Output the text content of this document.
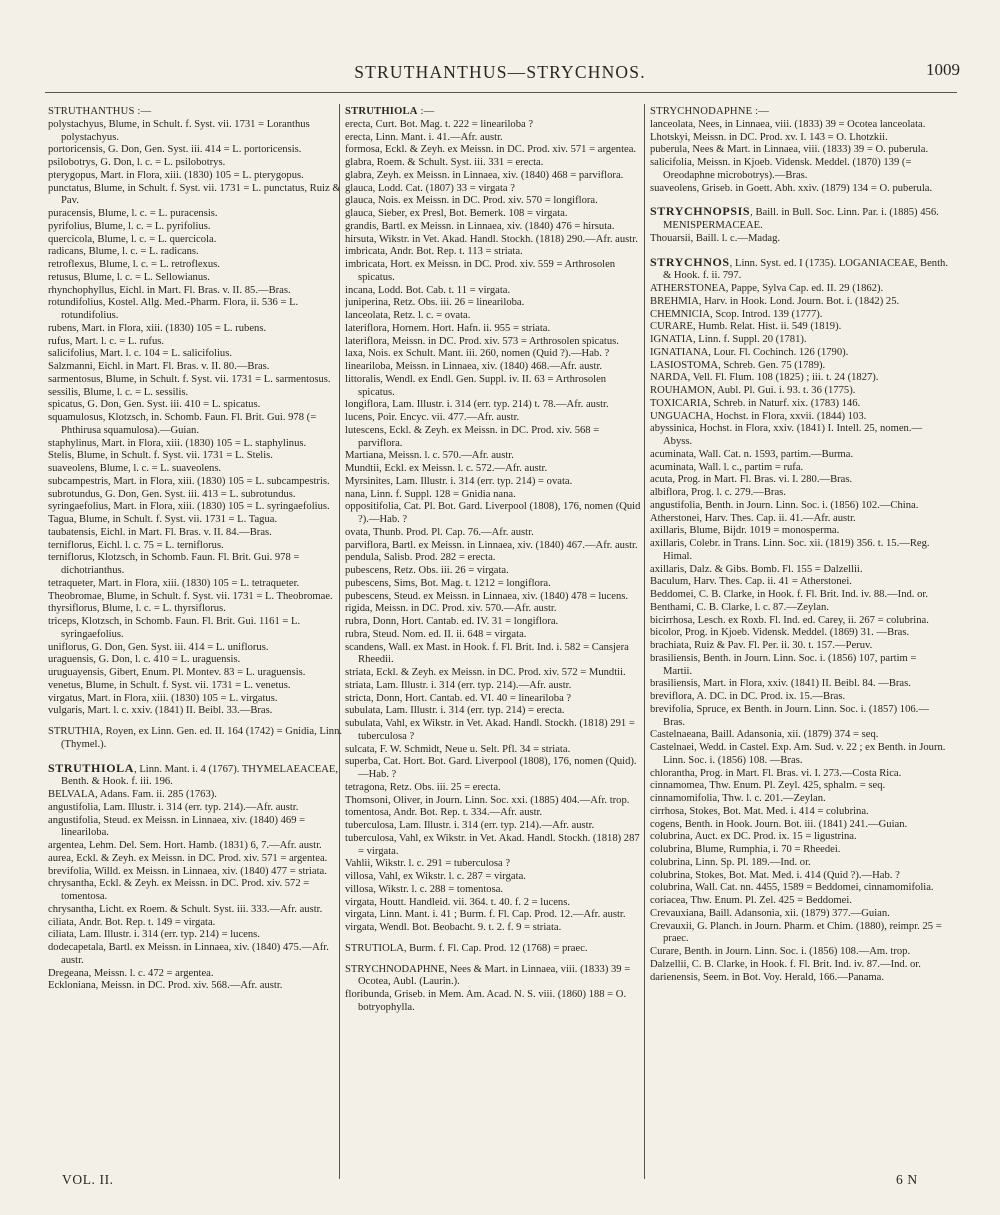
STRUTHANTHUS—STRYCHNOS.	1009

STRUTHANTHUS :—

polystachyus, Blume, in Schult. f. Syst. vii. 1731 = Loranthus polystachyus.

portoricensis, G. Don, Gen. Syst. iii. 414 = L. portoricensis.

psilobotrys, G. Don, l. c. = L. psilobotrys.

pterygopus, Mart. in Flora, xiii. (1830) 105 = L. pterygopus.

punctatus, Blume, in Schult. f. Syst. vii. 1731 = L. punctatus, Ruiz & Pav.

puracensis, Blume, l. c. = L. puracensis.

pyrifolius, Blume, l. c. = L. pyrifolius.

quercicola, Blume, l. c. = L. quercicola.

radicans, Blume, l. c. = L. radicans.

retroflexus, Blume, l. c. = L. retroflexus.

retusus, Blume, l. c. = L. Sellowianus.

rhynchophyllus, Eichl. in Mart. Fl. Bras. v. II. 85.—Bras.

rotundifolius, Kostel. Allg. Med.-Pharm. Flora, ii. 536 = L. rotundifolius.

rubens, Mart. in Flora, xiii. (1830) 105 = L. rubens.

rufus, Mart. l. c. = L. rufus.

salicifolius, Mart. l. c. 104 = L. salicifolius.

Salzmanni, Eichl. in Mart. Fl. Bras. v. II. 80.—Bras.

sarmentosus, Blume, in Schult. f. Syst. vii. 1731 = L. sarmentosus.

sessilis, Blume, l. c. = L. sessilis.

spicatus, G. Don, Gen. Syst. iii. 410 = L. spicatus.

squamulosus, Klotzsch, in. Schomb. Faun. Fl. Brit. Gui. 978 (= Phthirusa squamulosa).—Guian.

staphylinus, Mart. in Flora, xiii. (1830) 105 = L. staphylinus.

Stelis, Blume, in Schult. f. Syst. vii. 1731 = L. Stelis.

suaveolens, Blume, l. c. = L. suaveolens.

subcampestris, Mart. in Flora, xiii. (1830) 105 = L. subcampestris.

subrotundus, G. Don, Gen. Syst. iii. 413 = L. subrotundus.

syringaefolius, Mart. in Flora, xiii. (1830) 105 = L. syringaefolius.

Tagua, Blume, in Schult. f. Syst. vii. 1731 = L. Tagua.

taubatensis, Eichl. in Mart. Fl. Bras. v. II. 84.—Bras.

terniflorus, Eichl. l. c. 75 = L. terniflorus.

terniflorus, Klotzsch, in Schomb. Faun. Fl. Brit. Gui. 978 = dichotrianthus.

tetraqueter, Mart. in Flora, xiii. (1830) 105 = L. tetraqueter.

Theobromae, Blume, in Schult. f. Syst. vii. 1731 = L. Theobromae.

thyrsiflorus, Blume, l. c. = L. thyrsiflorus.

triceps, Klotzsch, in Schomb. Faun. Fl. Brit. Gui. 1161 = L. syringaefolius.

uniflorus, G. Don, Gen. Syst. iii. 414 = L. uniflorus.

uraguensis, G. Don, l. c. 410 = L. uraguensis.

uruguayensis, Gibert, Enum. Pl. Montev. 83 = L. uraguensis.

venetus, Blume, in Schult. f. Syst. vii. 1731 = L. venetus.

virgatus, Mart. in Flora, xiii. (1830) 105 = L. virgatus.

vulgaris, Mart. l. c. xxiv. (1841) II. Beibl. 33.—Bras.

STRUTHIA, Royen, ex Linn. Gen. ed. II. 164 (1742) = Gnidia, Linn. (Thymel.).

STRUTHIOLA, Linn. Mant. i. 4 (1767). THYMELAEACEAE, Benth. & Hook. f. iii. 196.

BELVALA, Adans. Fam. ii. 285 (1763).

angustifolia, Lam. Illustr. i. 314 (err. typ. 214).—Afr. austr.

angustifolia, Steud. ex Meissn. in Linnaea, xiv. (1840) 469 = lineariloba.

argentea, Lehm. Del. Sem. Hort. Hamb. (1831) 6, 7.—Afr. austr.

aurea, Eckl. & Zeyh. ex Meissn. in DC. Prod. xiv. 571 = argentea.

brevifolia, Willd. ex Meissn. in Linnaea, xiv. (1840) 477 = striata.

chrysantha, Eckl. & Zeyh. ex Meissn. in DC. Prod. xiv. 572 = tomentosa.

chrysantha, Licht. ex Roem. & Schult. Syst. iii. 333.—Afr. austr.

ciliata, Andr. Bot. Rep. t. 149 = virgata.

ciliata, Lam. Illustr. i. 314 (err. typ. 214) = lucens.

dodecapetala, Bartl. ex Meissn. in Linnaea, xiv. (1840) 475.—Afr. austr.

Dregeana, Meissn. l. c. 472 = argentea.

Ecklonianа, Meissn. in DC. Prod. xiv. 568.—Afr. austr.

STRUTHIOLA :—

erecta, Curt. Bot. Mag. t. 222 = lineariloba ?

erecta, Linn. Mant. i. 41.—Afr. austr.

formosa, Eckl. & Zeyh. ex Meissn. in DC. Prod. xiv. 571 = argentea.

glabra, Roem. & Schult. Syst. iii. 331 = erecta.

glabra, Zeyh. ex Meissn. in Linnaea, xiv. (1840) 468 = parviflora.

glauca, Lodd. Cat. (1807) 33 = virgata ?

glauca, Nois. ex Meissn. in DC. Prod. xiv. 570 = longiflora.

glauca, Sieber, ex Presl, Bot. Bemerk. 108 = virgata.

grandis, Bartl. ex Meissn. in Linnaea, xiv. (1840) 476 = hirsuta.

hirsuta, Wikstr. in Vet. Akad. Handl. Stockh. (1818) 290.—Afr. austr.

imbricata, Andr. Bot. Rep. t. 113 = striata.

imbricata, Hort. ex Meissn. in DC. Prod. xiv. 559 = Arthrosolen spicatus.

incana, Lodd. Bot. Cab. t. 11 = virgata.

juniperina, Retz. Obs. iii. 26 = lineariloba.

lanceolata, Retz. l. c. = ovata.

lateriflora, Hornem. Hort. Hafn. ii. 955 = striata.

lateriflora, Meissn. in DC. Prod. xiv. 573 = Arthrosolen spicatus.

laxa, Nois. ex Schult. Mant. iii. 260, nomen (Quid ?).—Hab. ?

lineariloba, Meissn. in Linnaea, xiv. (1840) 468.—Afr. austr.

littoralis, Wendl. ex Endl. Gen. Suppl. iv. II. 63 = Arthrosolen spicatus.

longiflora, Lam. Illustr. i. 314 (err. typ. 214) t. 78.—Afr. austr.

lucens, Poir. Encyc. vii. 477.—Afr. austr.

lutescens, Eckl. & Zeyh. ex Meissn. in DC. Prod. xiv. 568 = parviflora.

Martiana, Meissn. l. c. 570.—Afr. austr.

Mundtii, Eckl. ex Meissn. l. c. 572.—Afr. austr.

Myrsinites, Lam. Illustr. i. 314 (err. typ. 214) = ovata.

nana, Linn. f. Suppl. 128 = Gnidia nana.

oppositifolia, Cat. Pl. Bot. Gard. Liverpool (1808), 176, nomen (Quid ?).—Hab. ?

ovata, Thunb. Prod. Pl. Cap. 76.—Afr. austr.

parviflora, Bartl. ex Meissn. in Linnaea, xiv. (1840) 467.—Afr. austr.

pendula, Salisb. Prod. 282 = erecta.

pubescens, Retz. Obs. iii. 26 = virgata.

pubescens, Sims, Bot. Mag. t. 1212 = longiflora.

pubescens, Steud. ex Meissn. in Linnaea, xiv. (1840) 478 = lucens.

rigida, Meissn. in DC. Prod. xiv. 570.—Afr. austr.

rubra, Donn, Hort. Cantab. ed. IV. 31 = longiflora.

rubra, Steud. Nom. ed. II. ii. 648 = virgata.

scandens, Wall. ex Mast. in Hook. f. Fl. Brit. Ind. i. 582 = Cansjera Rheedii.

striata, Eckl. & Zeyh. ex Meissn. in DC. Prod. xiv. 572 = Mundtii.

striata, Lam. Illustr. i. 314 (err. typ. 214).—Afr. austr.

stricta, Donn, Hort. Cantab. ed. VI. 40 = lineariloba ?

subulata, Lam. Illustr. i. 314 (err. typ. 214) = erecta.

subulata, Vahl, ex Wikstr. in Vet. Akad. Handl. Stockh. (1818) 291 = tuberculosa ?

sulcata, F. W. Schmidt, Neue u. Selt. Pfl. 34 = striata.

superba, Cat. Hort. Bot. Gard. Liverpool (1808), 176, nomen (Quid).—Hab. ?

tetragona, Retz. Obs. iii. 25 = erecta.

Thomsoni, Oliver, in Journ. Linn. Soc. xxi. (1885) 404.—Afr. trop.

tomentosa, Andr. Bot. Rep. t. 334.—Afr. austr.

tuberculosa, Lam. Illustr. i. 314 (err. typ. 214).—Afr. austr.

tuberculosa, Vahl, ex Wikstr. in Vet. Akad. Handl. Stockh. (1818) 287 = virgata.

Vahlii, Wikstr. l. c. 291 = tuberculosa ?

villosa, Vahl, ex Wikstr. l. c. 287 = virgata.

villosa, Wikstr. l. c. 288 = tomentosa.

virgata, Houtt. Handleid. vii. 364. t. 40. f. 2 = lucens.

virgata, Linn. Mant. i. 41 ; Burm. f. Fl. Cap. Prod. 12.—Afr. austr.

virgata, Wendl. Bot. Beobacht. 9. t. 2. f. 9 = striata.

STRUTIOLA, Burm. f. Fl. Cap. Prod. 12 (1768) = praec.

STRYCHNODAPHNE, Nees & Mart. in Linnaea, viii. (1833) 39 = Ocotea, Aubl. (Laurin.).

floribunda, Griseb. in Mem. Am. Acad. N. S. viii. (1860) 188 = O. botryophylla.

STRYCHNODAPHNE :—

lanceolata, Nees, in Linnaea, viii. (1833) 39 = Ocotea lanceolata.

Lhotskyi, Meissn. in DC. Prod. xv. I. 143 = O. Lhotzkii.

puberula, Nees & Mart. in Linnaea, viii. (1833) 39 = O. puberula.

salicifolia, Meissn. in Kjoeb. Vidensk. Meddel. (1870) 139 (= Oreodaphne microbotrys).—Bras.

suaveolens, Griseb. in Goett. Abh. xxiv. (1879) 134 = O. puberula.

STRYCHNOPSIS, Baill. in Bull. Soc. Linn. Par. i. (1885) 456. MENISPERMACEAE.

Thouarsii, Baill. l. c.—Madag.

STRYCHNOS, Linn. Syst. ed. I (1735). LOGANIACEAE, Benth. & Hook. f. ii. 797.

ATHERSTONEA, Pappe, Sylva Cap. ed. II. 29 (1862).

BREHMIA, Harv. in Hook. Lond. Journ. Bot. i. (1842) 25.

CHEMNICIA, Scop. Introd. 139 (1777).

CURARE, Humb. Relat. Hist. ii. 549 (1819).

IGNATIA, Linn. f. Suppl. 20 (1781).

IGNATIANA, Lour. Fl. Cochinch. 126 (1790).

LASIOSTOMA, Schreb. Gen. 75 (1789).

NARDA, Vell. Fl. Flum. 108 (1825) ; iii. t. 24 (1827).

ROUHAMON, Aubl. Pl. Gui. i. 93. t. 36 (1775).

TOXICARIA, Schreb. in Naturf. xix. (1783) 146.

UNGUACHA, Hochst. in Flora, xxvii. (1844) 103.

abyssinica, Hochst. in Flora, xxiv. (1841) I. Intell. 25, nomen.—Abyss.

acuminata, Wall. Cat. n. 1593, partim.—Burma.

acuminata, Wall. l. c., partim = rufa.

acuta, Prog. in Mart. Fl. Bras. vi. I. 280.—Bras.

albiflora, Prog. l. c. 279.—Bras.

angustifolia, Benth. in Journ. Linn. Soc. i. (1856) 102.—China.

Atherstonei, Harv. Thes. Cap. ii. 41.—Afr. austr.

axillaris, Blume, Bijdr. 1019 = monosperma.

axillaris, Colebr. in Trans. Linn. Soc. xii. (1819) 356. t. 15.—Reg. Himal.

axillaris, Dalz. & Gibs. Bomb. Fl. 155 = Dalzellii.

Baculum, Harv. Thes. Cap. ii. 41 = Atherstonei.

Beddomei, C. B. Clarke, in Hook. f. Fl. Brit. Ind. iv. 88.—Ind. or.

Benthami, C. B. Clarke, l. c. 87.—Zeylan.

bicirrhosa, Lesch. ex Roxb. Fl. Ind. ed. Carey, ii. 267 = colubrina.

bicolor, Prog. in Kjoeb. Vidensk. Meddel. (1869) 31. —Bras.

brachiata, Ruiz & Pav. Fl. Per. ii. 30. t. 157.—Peruv.

brasiliensis, Benth. in Journ. Linn. Soc. i. (1856) 107, partim = Martii.

brasiliensis, Mart. in Flora, xxiv. (1841) II. Beibl. 84. —Bras.

breviflora, A. DC. in DC. Prod. ix. 15.—Bras.

brevifolia, Spruce, ex Benth. in Journ. Linn. Soc. i. (1857) 106.—Bras.

Castelnaeana, Baill. Adansonia, xii. (1879) 374 = seq.

Castelnaei, Wedd. in Castel. Exp. Am. Sud. v. 22 ; ex Benth. in Journ. Linn. Soc. i. (1856) 108. —Bras.

chlorantha, Prog. in Mart. Fl. Bras. vi. I. 273.—Costa Rica.

cinnamomea, Thw. Enum. Pl. Zeyl. 425, sphalm. = seq.

cinnamomifolia, Thw. l. c. 201.—Zeylan.

cirrhosa, Stokes, Bot. Mat. Med. i. 414 = colubrina.

cogens, Benth. in Hook. Journ. Bot. iii. (1841) 241.—Guian.

colubrina, Auct. ex DC. Prod. ix. 15 = ligustrina.

colubrina, Blume, Rumphia, i. 70 = Rheedei.

colubrina, Linn. Sp. Pl. 189.—Ind. or.

colubrina, Stokes, Bot. Mat. Med. i. 414 (Quid ?).—Hab. ?

colubrina, Wall. Cat. nn. 4455, 1589 = Beddomei, cinnamomifolia.

coriacea, Thw. Enum. Pl. Zel. 425 = Beddomei.

Crevauxiana, Baill. Adansonia, xii. (1879) 377.—Guian.

Crevauxii, G. Planch. in Journ. Pharm. et Chim. (1880), reimpr. 25 = praec.

Curare, Benth. in Journ. Linn. Soc. i. (1856) 108.—Am. trop.

Dalzellii, C. B. Clarke, in Hook. f. Fl. Brit. Ind. iv. 87.—Ind. or.

darienensis, Seem. in Bot. Voy. Herald, 166.—Panama.

VOL. II.	6 N
